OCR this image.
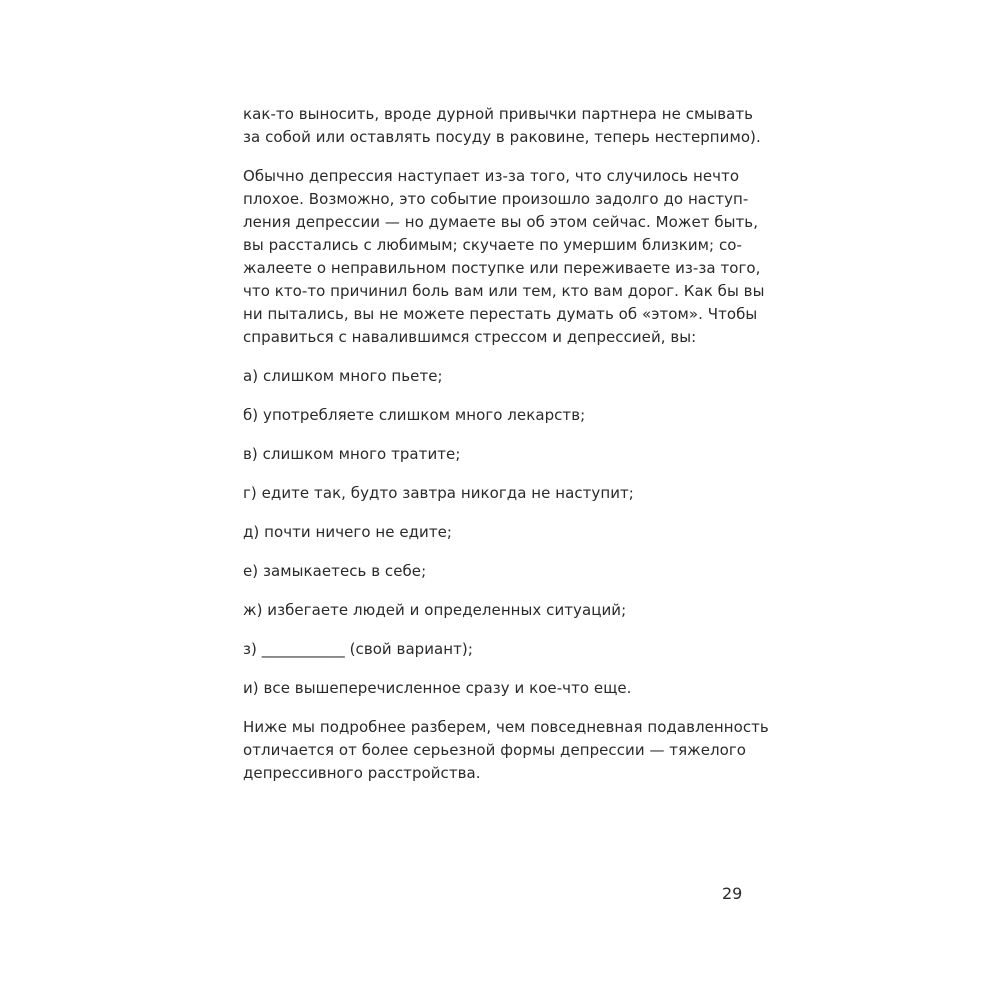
как-то выносить, вроде дурной привычки партнера не смывать
за собой или оставлять посуду в раковине, теперь нестерпимо).

Обычно депрессия наступает из-за того, что случилось нечто
плохое. Возможно, это событие произошло задолго до наступ-
ления депрессии — но думаете вы об этом сейчас. Может быть,
вы расстались с любимым; скучаете по умершим близким; со-
жалеете о неправильном поступке или переживаете из-за того,
что кто-то причинил боль вам или тем, кто вам дорог. Как бы вы
ни пытались, вы не можете перестать думать об «этом». Чтобы
справиться с навалившимся стрессом и депрессией, вы:

а) слишком много пьете;

б) употребляете слишком много лекарств;

в) слишком много тратите;

г) едите так, будто завтра никогда не наступит;

д) почти ничего не едите;

е) замыкаетесь в себе;

ж) избегаете людей и определенных ситуаций;

з) ___________ (свой вариант);

и) все вышеперечисленное сразу и кое-что еще.

Ниже мы подробнее разберем, чем повседневная подавленность
отличается от более серьезной формы депрессии — тяжелого
депрессивного расстройства.

29
